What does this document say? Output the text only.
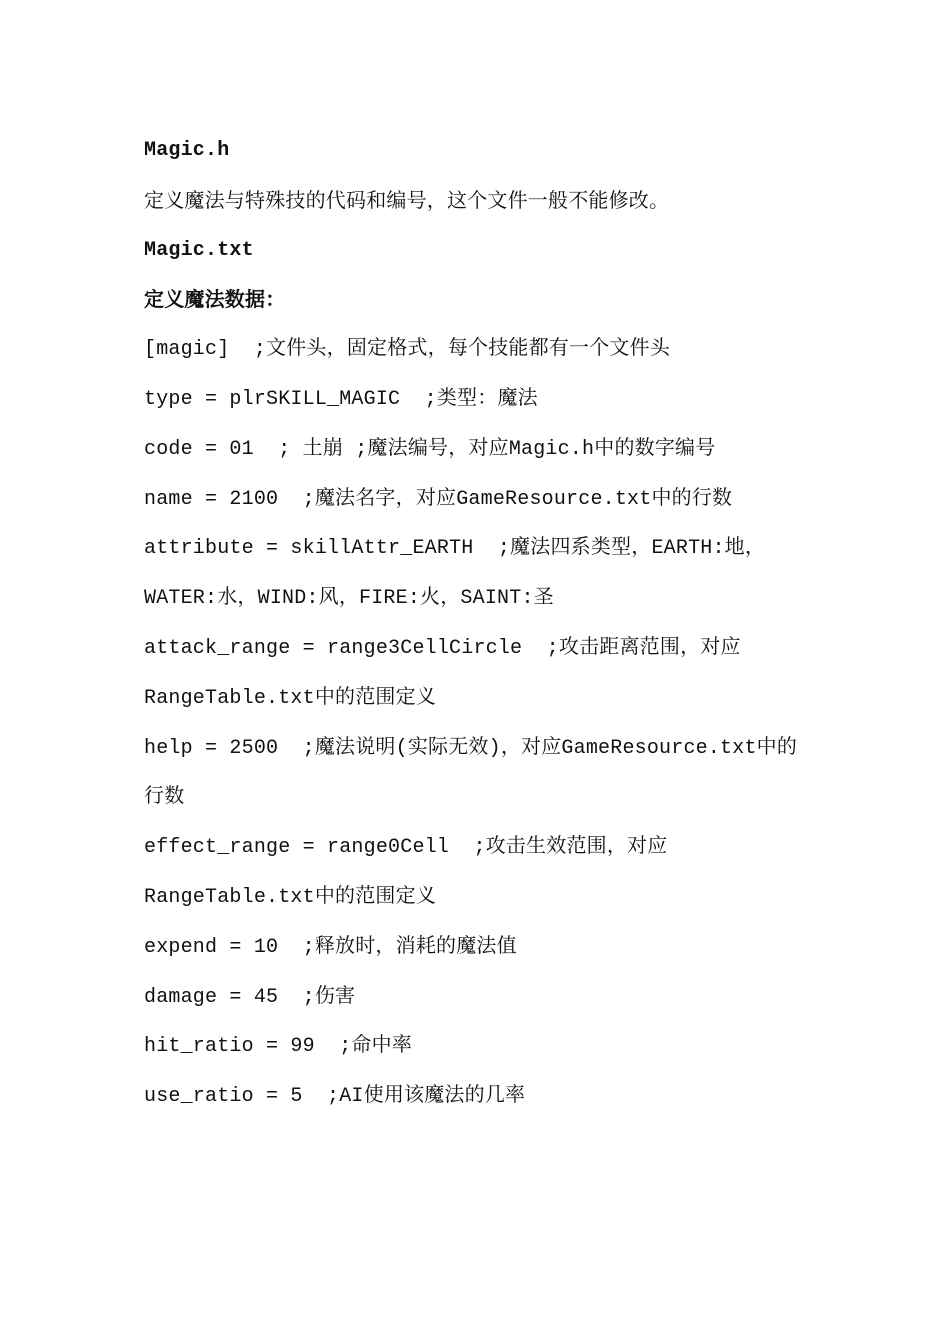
Magic.h
定义魔法与特殊技的代码和编号，这个文件一般不能修改。
Magic.txt
定义魔法数据：
[magic]  ;文件头，固定格式，每个技能都有一个文件头
type = plrSKILL_MAGIC  ;类型：魔法
code = 01  ; 土崩 ;魔法编号，对应Magic.h中的数字编号
name = 2100  ;魔法名字，对应GameResource.txt中的行数
attribute = skillAttr_EARTH  ;魔法四系类型，EARTH:地，
WATER:水，WIND:风，FIRE:火，SAINT:圣
attack_range = range3CellCircle  ;攻击距离范围，对应
RangeTable.txt中的范围定义
help = 2500  ;魔法说明(实际无效)，对应GameResource.txt中的
行数
effect_range = range0Cell  ;攻击生效范围，对应
RangeTable.txt中的范围定义
expend = 10  ;释放时，消耗的魔法值
damage = 45  ;伤害
hit_ratio = 99  ;命中率
use_ratio = 5  ;AI使用该魔法的几率
